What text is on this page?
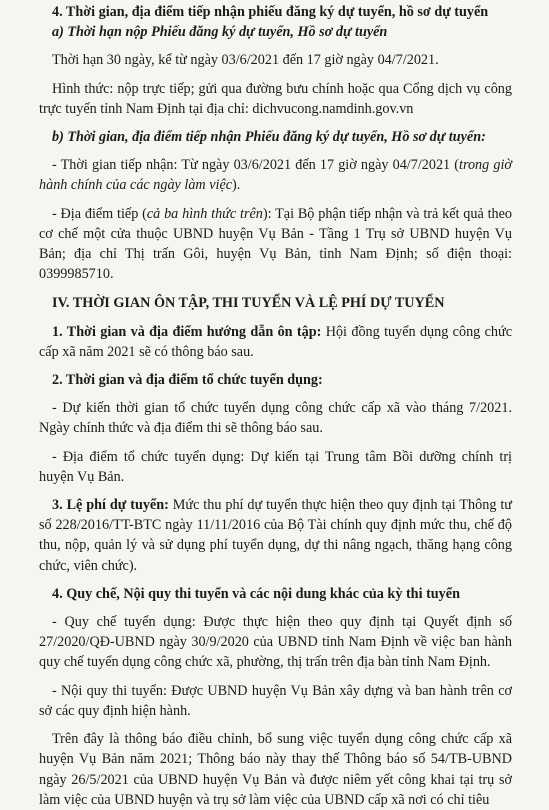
4. Thời gian, địa điểm tiếp nhận phiếu đăng ký dự tuyển, hồ sơ dự tuyển

a) Thời hạn nộp Phiếu đăng ký dự tuyển, Hồ sơ dự tuyển

Thời hạn 30 ngày, kể từ ngày 03/6/2021 đến 17 giờ ngày 04/7/2021.

Hình thức: nộp trực tiếp; gửi qua đường bưu chính hoặc qua Cổng dịch vụ công trực tuyến tỉnh Nam Định tại địa chỉ: dichvucong.namdinh.gov.vn

b) Thời gian, địa điểm tiếp nhận Phiếu đăng ký dự tuyển, Hồ sơ dự tuyển:

- Thời gian tiếp nhận: Từ ngày 03/6/2021 đến 17 giờ ngày 04/7/2021 (trong giờ hành chính của các ngày làm việc).

- Địa điểm tiếp (cả ba hình thức trên): Tại Bộ phận tiếp nhận và trả kết quả theo cơ chế một cửa thuộc UBND huyện Vụ Bản - Tầng 1 Trụ sở UBND huyện Vụ Bản; địa chỉ Thị trấn Gôi, huyện Vụ Bản, tỉnh Nam Định; số điện thoại: 0399985710.

IV. THỜI GIAN ÔN TẬP, THI TUYỂN VÀ LỆ PHÍ DỰ TUYỂN

1. Thời gian và địa điểm hướng dẫn ôn tập: Hội đồng tuyển dụng công chức cấp xã năm 2021 sẽ có thông báo sau.

2. Thời gian và địa điểm tổ chức tuyển dụng:

- Dự kiến thời gian tổ chức tuyển dụng công chức cấp xã vào tháng 7/2021. Ngày chính thức và địa điểm thi sẽ thông báo sau.

- Địa điểm tổ chức tuyển dụng: Dự kiến tại Trung tâm Bồi dưỡng chính trị huyện Vụ Bản.

3. Lệ phí dự tuyển: Mức thu phí dự tuyển thực hiện theo quy định tại Thông tư số 228/2016/TT-BTC ngày 11/11/2016 của Bộ Tài chính quy định mức thu, chế độ thu, nộp, quản lý và sử dụng phí tuyển dụng, dự thi nâng ngạch, thăng hạng công chức, viên chức).

4. Quy chế, Nội quy thi tuyển và các nội dung khác của kỳ thi tuyển

- Quy chế tuyển dụng: Được thực hiện theo quy định tại Quyết định số 27/2020/QĐ-UBND ngày 30/9/2020 của UBND tỉnh Nam Định về việc ban hành quy chế tuyển dụng công chức xã, phường, thị trấn trên địa bàn tỉnh Nam Định.

- Nội quy thi tuyển: Được UBND huyện Vụ Bản xây dựng và ban hành trên cơ sở các quy định hiện hành.

Trên đây là thông báo điều chỉnh, bổ sung việc tuyển dụng công chức cấp xã huyện Vụ Bản năm 2021; Thông báo này thay thế Thông báo số 54/TB-UBND ngày 26/5/2021 của UBND huyện Vụ Bản và được niêm yết công khai tại trụ sở làm việc của UBND huyện và trụ sở làm việc của UBND cấp xã nơi có chỉ tiêu
